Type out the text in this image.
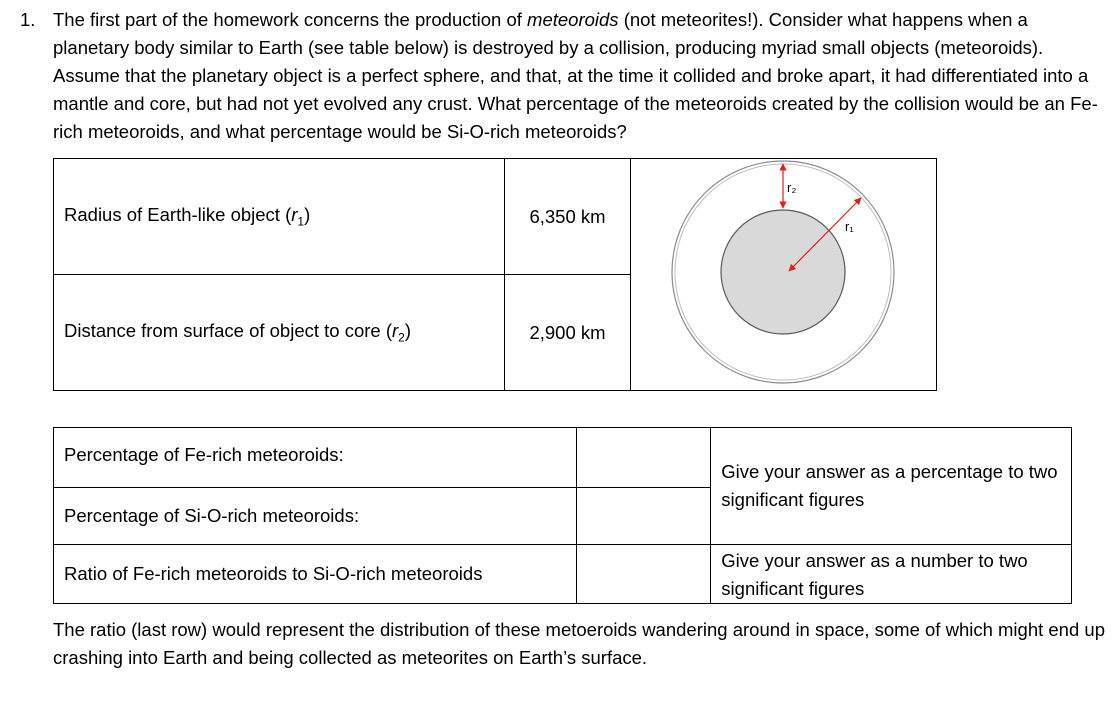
1. The first part of the homework concerns the production of meteoroids (not meteorites!). Consider what happens when a planetary body similar to Earth (see table below) is destroyed by a collision, producing myriad small objects (meteoroids). Assume that the planetary object is a perfect sphere, and that, at the time it collided and broke apart, it had differentiated into a mantle and core, but had not yet evolved any crust. What percentage of the meteoroids created by the collision would be an Fe-rich meteoroids, and what percentage would be Si-O-rich meteoroids?
Radius of Earth-like object $(r_1)$	6,350 km	r₂
r₁

Distance from surface of object to core $(r_2)$	2,900 km	
Percentage of Fe-rich meteoroids:		Give your answer as a percentage to two significant figures
Percentage of Si-O-rich meteoroids:		
Ratio of Fe-rich meteoroids to Si-O-rich meteoroids		Give your answer as a number to two significant figures
The ratio (last row) would represent the distribution of these metoeroids wandering around in space, some of which might end up crashing into Earth and being collected as meteorites on Earth’s surface.
